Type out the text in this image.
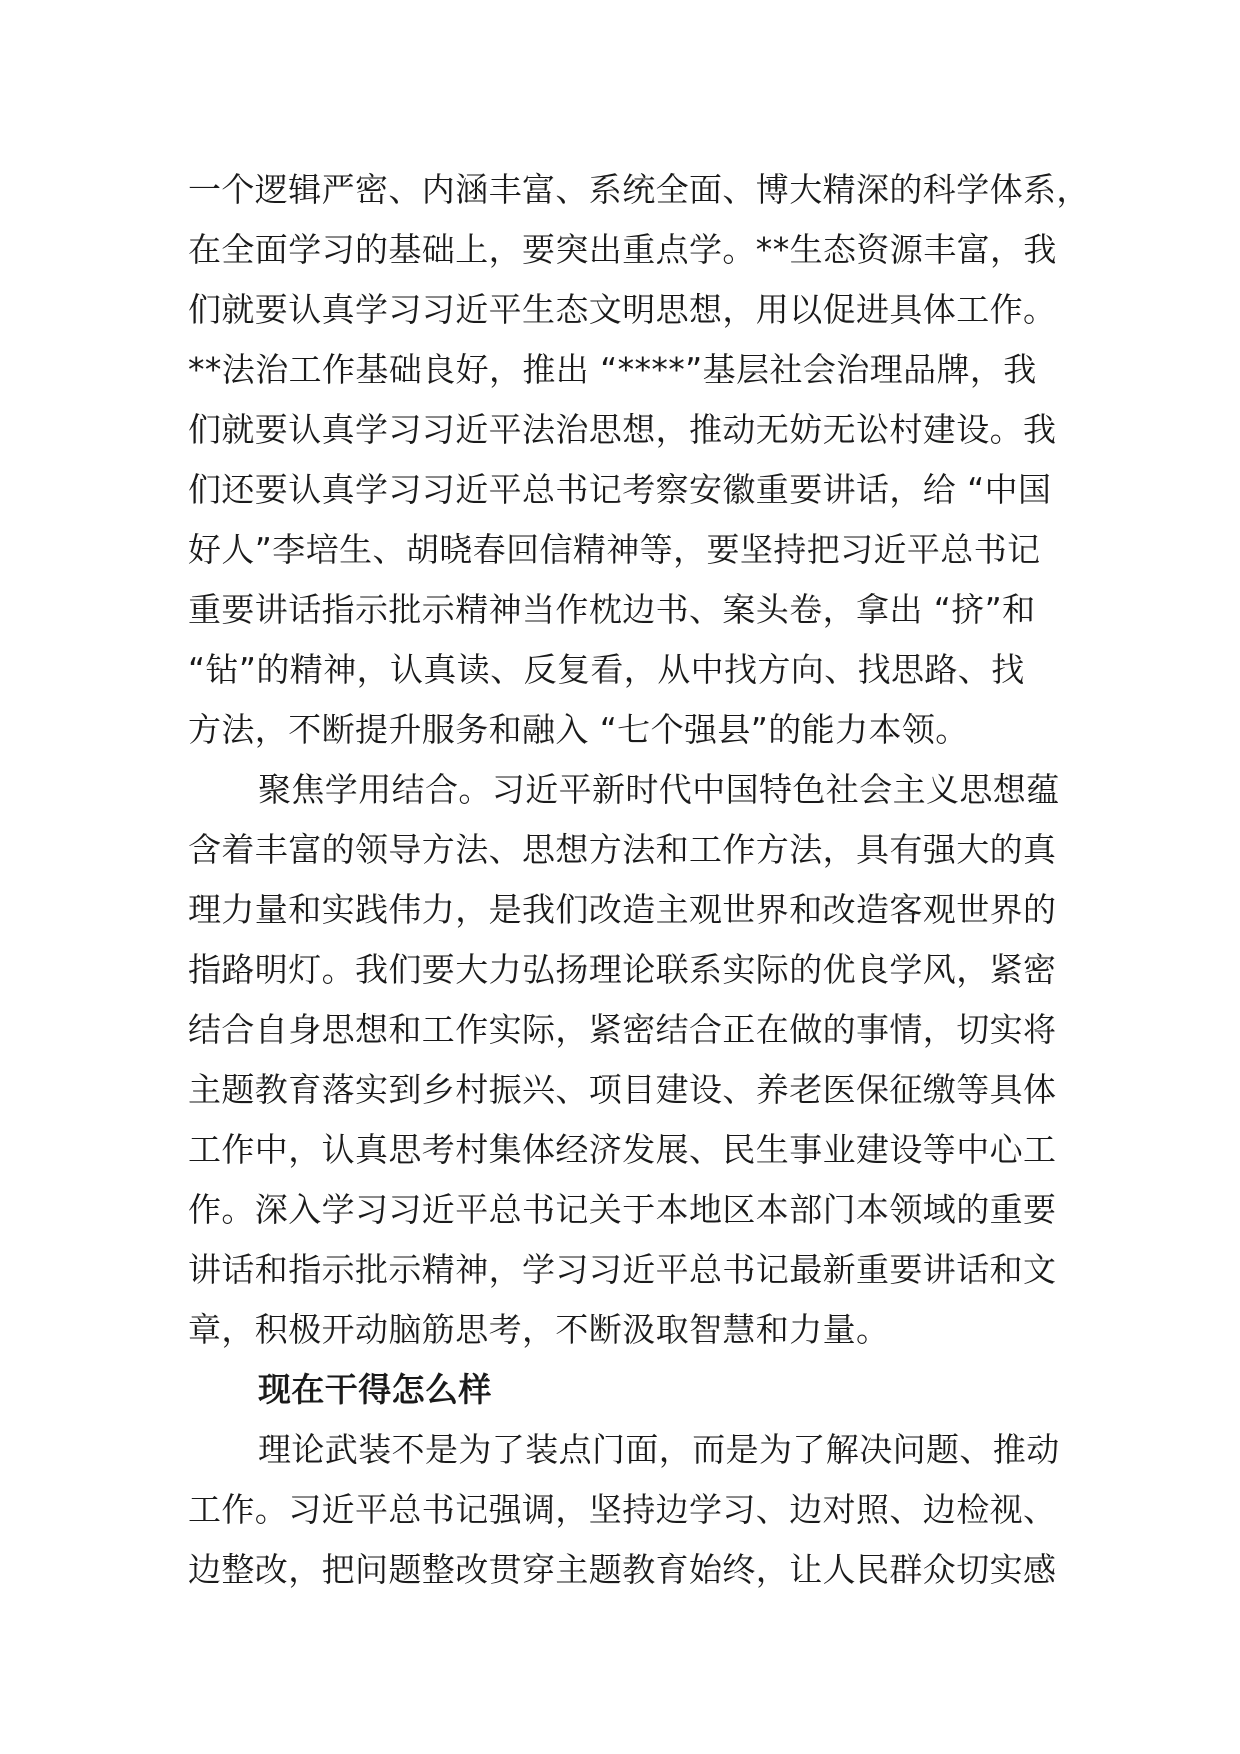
一个逻辑严密、内涵丰富、系统全面、博大精深的科学体系，
在全面学习的基础上，要突出重点学。**生态资源丰富，我
们就要认真学习习近平生态文明思想，用以促进具体工作。
**法治工作基础良好，推出 “****”基层社会治理品牌，我
们就要认真学习习近平法治思想，推动无妨无讼村建设。我
们还要认真学习习近平总书记考察安徽重要讲话，给 “中国
好人”李培生、胡晓春回信精神等，要坚持把习近平总书记
重要讲话指示批示精神当作枕边书、案头卷，拿出 “挤”和
“钻”的精神，认真读、反复看，从中找方向、找思路、找
方法，不断提升服务和融入 “七个强县”的能力本领。
聚焦学用结合。习近平新时代中国特色社会主义思想蕴
含着丰富的领导方法、思想方法和工作方法，具有强大的真
理力量和实践伟力，是我们改造主观世界和改造客观世界的
指路明灯。我们要大力弘扬理论联系实际的优良学风，紧密
结合自身思想和工作实际，紧密结合正在做的事情，切实将
主题教育落实到乡村振兴、项目建设、养老医保征缴等具体
工作中，认真思考村集体经济发展、民生事业建设等中心工
作。深入学习习近平总书记关于本地区本部门本领域的重要
讲话和指示批示精神，学习习近平总书记最新重要讲话和文
章，积极开动脑筋思考，不断汲取智慧和力量。
现在干得怎么样
理论武装不是为了装点门面，而是为了解决问题、推动
工作。习近平总书记强调，坚持边学习、边对照、边检视、
边整改，把问题整改贯穿主题教育始终，让人民群众切实感
